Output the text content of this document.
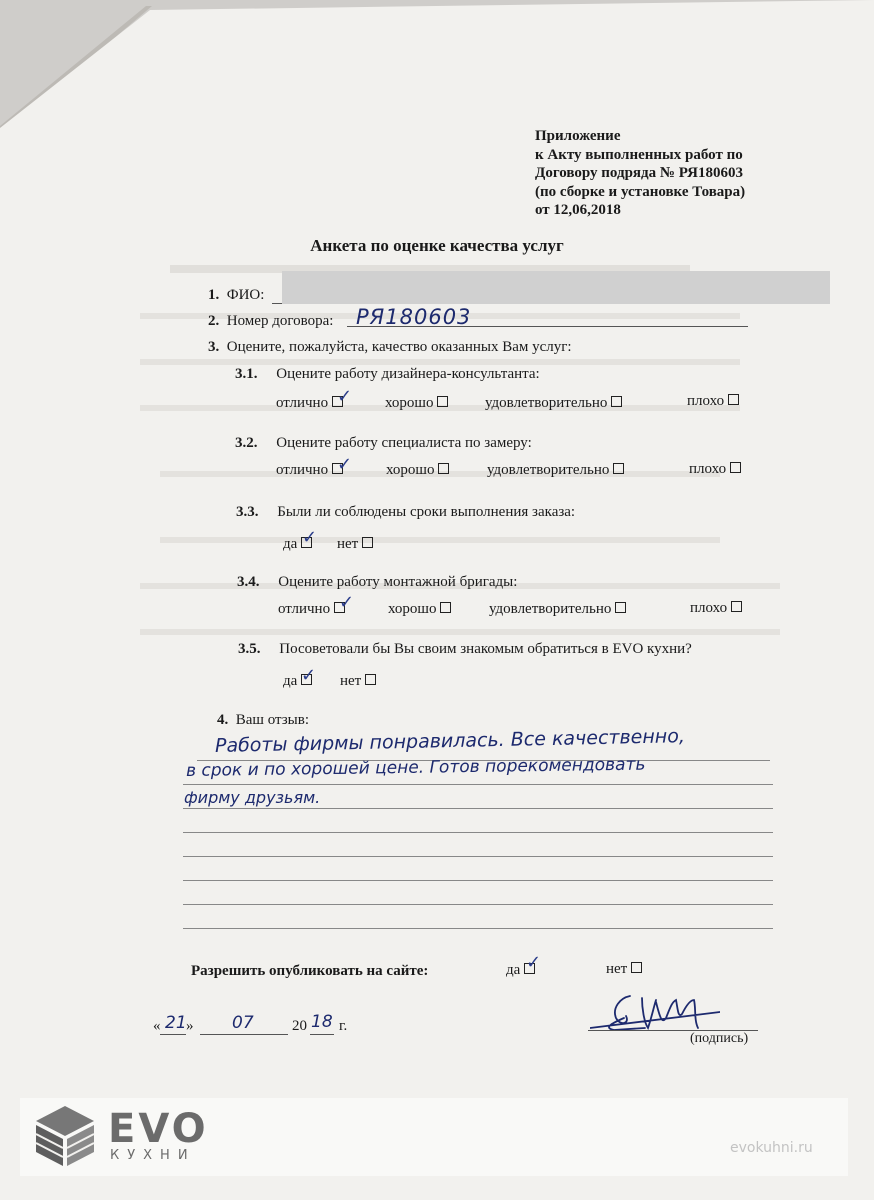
Приложение
к Акту выполненных работ по
Договору подряда № РЯ180603
(по сборке и установке Товара)
от 12,06,2018
Анкета по оценке качества услуг
1. ФИО:
2. Номер договора: РЯ180603
3. Оцените, пожалуйста, качество оказанных Вам услуг:
3.1. Оцените работу дизайнера-консультанта:
отлично ✓ хорошо	удовлетворительно	плохо
3.2. Оцените работу специалиста по замеру:
отлично ✓ хорошо	удовлетворительно	плохо
3.3. Были ли соблюдены сроки выполнения заказа:
да ✓ нет
3.4. Оцените работу монтажной бригады:
отлично ✓ хорошо	удовлетворительно	плохо
3.5. Посоветовали бы Вы своим знакомым обратиться в EVO кухни?
да ✓ нет
4. Ваш отзыв:
Работы фирмы понравилась. Все качественно,
в срок и по хорошей цене. Готов порекомендовать
фирму друзьям.
Разрешить опубликовать на сайте:	да ✓	нет
« 21 » 07	20 18 г.
(подпись)
EVO
КУХНИ	evokuhni.ru
